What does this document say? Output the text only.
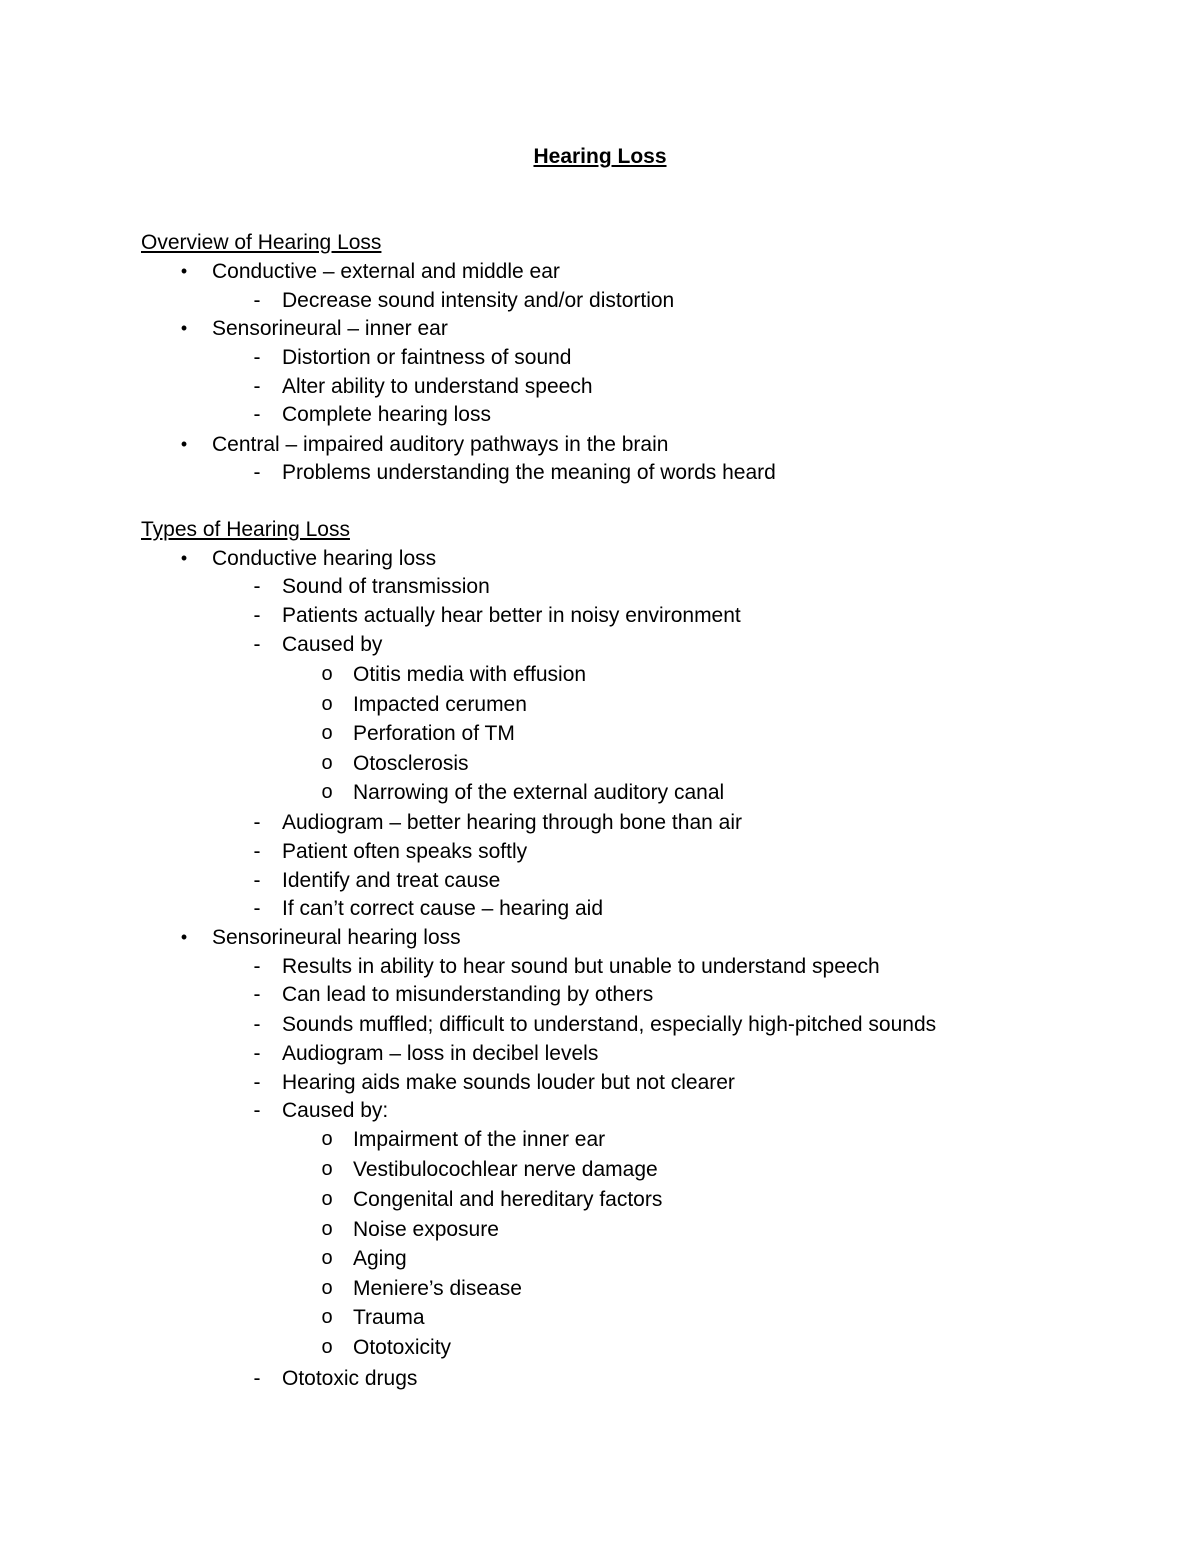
Hearing Loss
Overview of Hearing Loss
•	Conductive – external and middle ear
-	Decrease sound intensity and/or distortion
•	Sensorineural – inner ear
-	Distortion or faintness of sound
-	Alter ability to understand speech
-	Complete hearing loss
•	Central – impaired auditory pathways in the brain
-	Problems understanding the meaning of words heard
Types of Hearing Loss
•	Conductive hearing loss
-	Sound of transmission
-	Patients actually hear better in noisy environment
-	Caused by
o Otitis media with effusion
o Impacted cerumen
o Perforation of TM
o Otosclerosis
o Narrowing of the external auditory canal
-	Audiogram – better hearing through bone than air
-	Patient often speaks softly
-	Identify and treat cause
-	If can’t correct cause – hearing aid
•	Sensorineural hearing loss
-	Results in ability to hear sound but unable to understand speech
-	Can lead to misunderstanding by others
-	Sounds muffled; difficult to understand, especially high-pitched sounds
-	Audiogram – loss in decibel levels
-	Hearing aids make sounds louder but not clearer
-	Caused by:
o Impairment of the inner ear
o Vestibulocochlear nerve damage
o Congenital and hereditary factors
o Noise exposure
o Aging
o Meniere’s disease
o Trauma
o Ototoxicity
-	Ototoxic drugs
